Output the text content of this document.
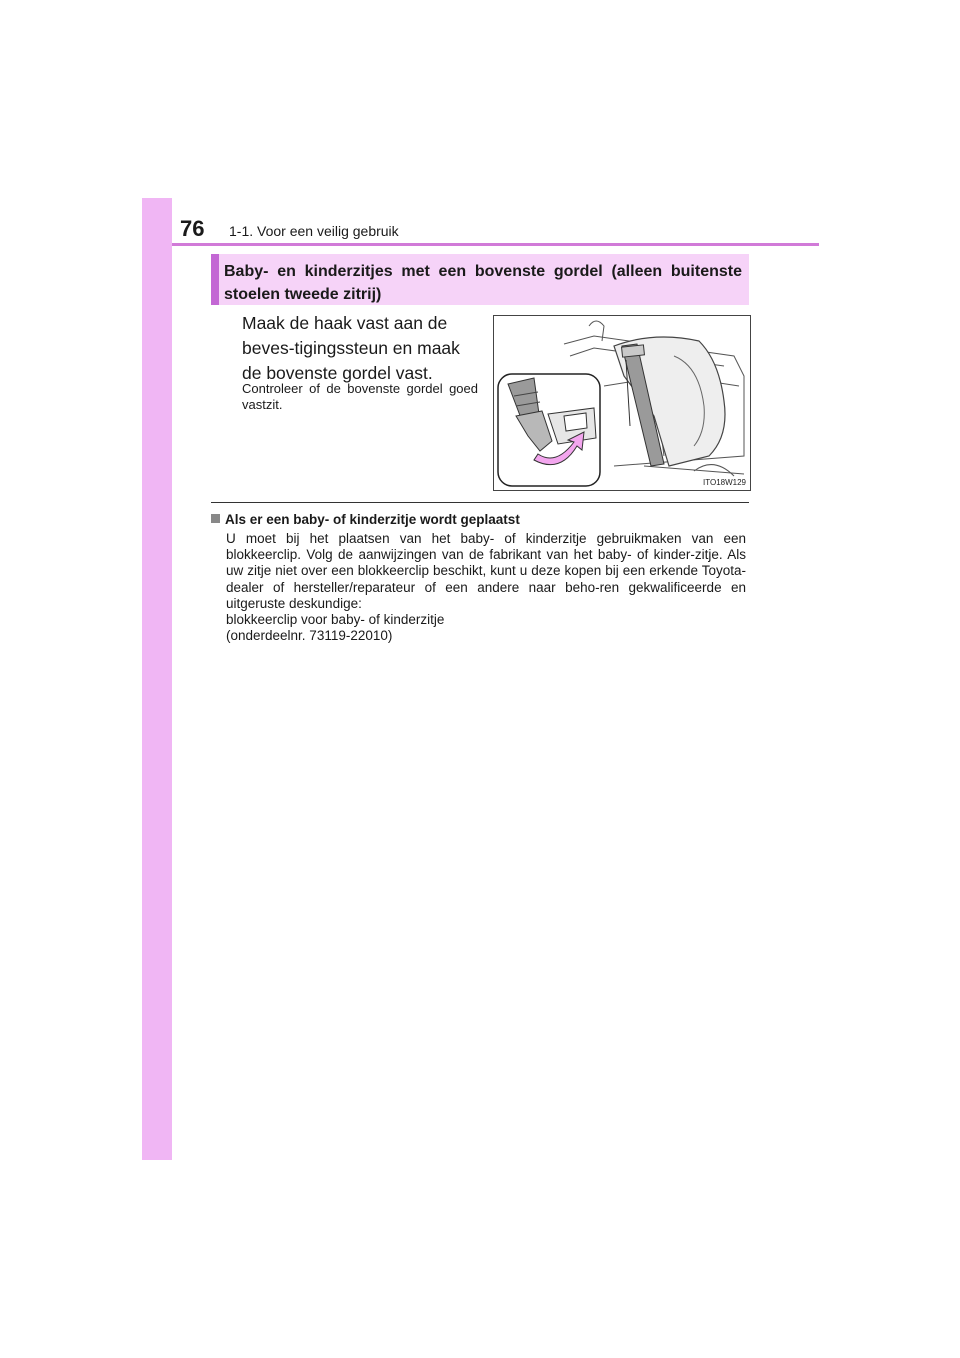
76 1-1. Voor een veilig gebruik
Baby- en kinderzitjes met een bovenste gordel (alleen buitenste stoelen tweede zitrij)
Maak de haak vast aan de beves-tigingssteun en maak de bovenste gordel vast.
Controleer of de bovenste gordel goed vastzit.
ITO18W129
Als er een baby- of kinderzitje wordt geplaatst
U moet bij het plaatsen van het baby- of kinderzitje gebruikmaken van een blokkeerclip. Volg de aanwijzingen van de fabrikant van het baby- of kinder-zitje. Als uw zitje niet over een blokkeerclip beschikt, kunt u deze kopen bij een erkende Toyota-dealer of hersteller/reparateur of een andere naar beho-ren gekwalificeerde en uitgeruste deskundige:
blokkeerclip voor baby- of kinderzitje
(onderdeelnr. 73119-22010)
